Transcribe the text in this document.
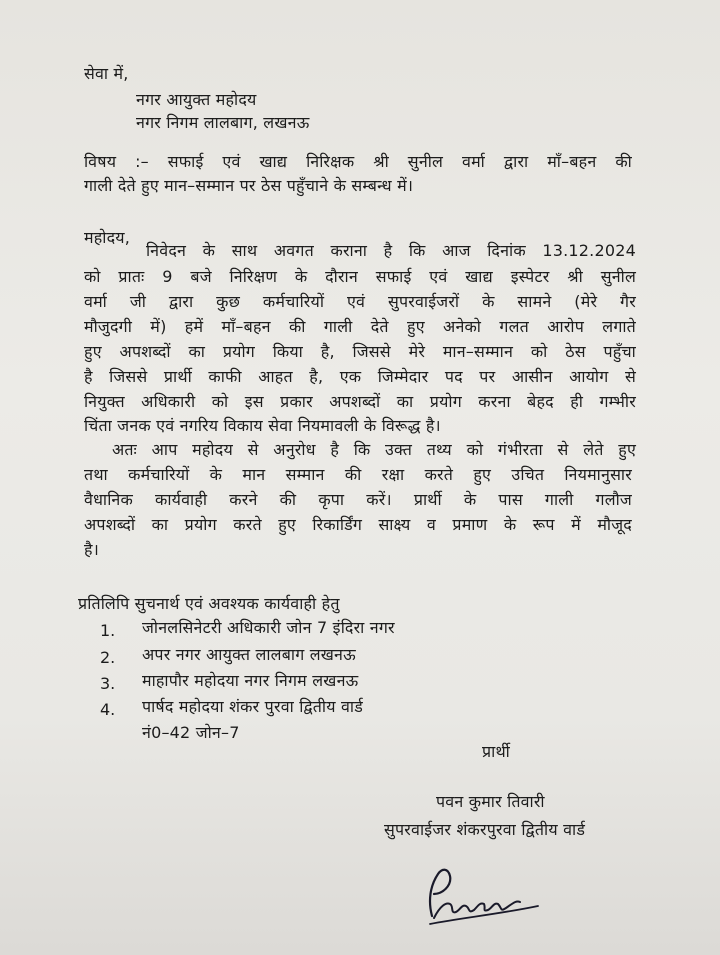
सेवा में,
नगर आयुक्त महोदय
नगर निगम लालबाग, लखनऊ
विषय :– सफाई एवं खाद्य निरिक्षक श्री सुनील वर्मा द्वारा माँ–बहन की
गाली देते हुए मान–सम्मान पर ठेस पहुँचाने के सम्बन्ध में।
महोदय,
निवेदन के साथ अवगत कराना है कि आज दिनांक 13.12.2024
को प्रातः 9 बजे निरिक्षण के दौरान सफाई एवं खाद्य इस्पेटर श्री सुनील
वर्मा जी द्वारा कुछ कर्मचारियों एवं सुपरवाईजरों के सामने (मेरे गैर
मौजुदगी में) हमें माँ–बहन की गाली देते हुए अनेको गलत आरोप लगाते
हुए अपशब्दों का प्रयोग किया है, जिससे मेरे मान–सम्मान को ठेस पहुँचा
है जिससे प्रार्थी काफी आहत है, एक जिम्मेदार पद पर आसीन आयोग से
नियुक्त अधिकारी को इस प्रकार अपशब्दों का प्रयोग करना बेहद ही गम्भीर
चिंता जनक एवं नगरिय विकाय सेवा नियमावली के विरूद्ध है।
अतः आप महोदय से अनुरोध है कि उक्त तथ्य को गंभीरता से लेते हुए
तथा कर्मचारियों के मान सम्मान की रक्षा करते हुए उचित नियमानुसार
वैधानिक कार्यवाही करने की कृपा करें। प्रार्थी के पास गाली गलौज
अपशब्दों का प्रयोग करते हुए रिकार्डिंग साक्ष्य व प्रमाण के रूप में मौजूद
है।
प्रतिलिपि सुचनार्थ एवं अवश्यक कार्यवाही हेतु
1. जोनलसिनेटरी अधिकारी जोन 7 इंदिरा नगर
2. अपर नगर आयुक्त लालबाग लखनऊ
3. माहापौर महोदया नगर निगम लखनऊ
4. पार्षद महोदया शंकर पुरवा द्वितीय वार्ड
नं0–42 जोन–7
प्रार्थी
पवन कुमार तिवारी
सुपरवाईजर शंकरपुरवा द्वितीय वार्ड
